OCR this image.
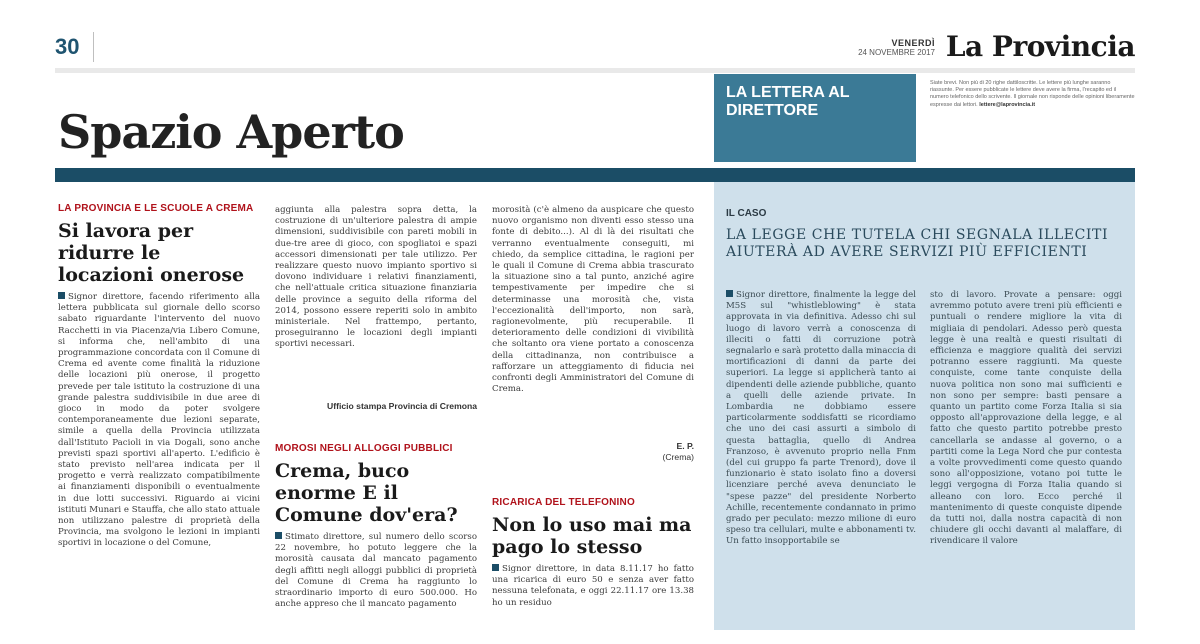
30	VENERDÌ
24 NOVEMBRE 2017 La Provincia
Spazio Aperto
LA LETTERA AL DIRETTORE
Siate brevi. Non più di 20 righe dattiloscritte. Le lettere più lunghe saranno riassunte. Per essere pubblicate le lettere deve avere la firma, l'recapito ed il numero telefonico dello scrivente. Il giornale non risponde delle opinioni liberamente espresse dai lettori. lettere@laprovincia.it
LA PROVINCIA E LE SCUOLE A CREMA
Si lavora per ridurre le locazioni onerose
Signor direttore, facendo riferimento alla lettera pubblicata sul giornale dello scorso sabato riguardante l'intervento del nuovo Racchetti in via Piacenza/via Libero Comune, si informa che, nell'ambito di una programmazione concordata con il Comune di Crema ed avente come finalità la riduzione delle locazioni più onerose, il progetto prevede per tale istituto la costruzione di una grande palestra suddivisibile in due aree di gioco in modo da poter svolgere contemporaneamente due lezioni separate, simile a quella della Provincia utilizzata dall'Istituto Pacioli in via Dogali, sono anche previsti spazi sportivi all'aperto. L'edificio è stato previsto nell'area indicata per il progetto e verrà realizzato compatibilmente ai finanziamenti disponibili o eventualmente in due lotti successivi. Riguardo ai vicini istituti Munari e Stauffa, che allo stato attuale non utilizzano palestre di proprietà della Provincia, ma svolgono le lezioni in impianti sportivi in locazione o del Comune,
aggiunta alla palestra sopra detta, la costruzione di un'ulteriore palestra di ampie dimensioni, suddivisibile con pareti mobili in due-tre aree di gioco, con spogliatoi e spazi accessori dimensionati per tale utilizzo. Per realizzare questo nuovo impianto sportivo si dovono individuare i relativi finanziamenti, che nell'attuale critica situazione finanziaria delle province a seguito della riforma del 2014, possono essere reperiti solo in ambito ministeriale. Nel frattempo, pertanto, proseguiranno le locazioni degli impianti sportivi necessari.
Ufficio stampa Provincia di Cremona
MOROSI NEGLI ALLOGGI PUBBLICI
Crema, buco enorme E il Comune dov'era?
Stimato direttore, sul numero dello scorso 22 novembre, ho potuto leggere che la morosità causata dal mancato pagamento degli affitti negli alloggi pubblici di proprietà del Comune di Crema ha raggiunto lo straordinario importo di euro 500.000. Ho anche appreso che il mancato pagamento
morosità (c'è almeno da auspicare che questo nuovo organismo non diventi esso stesso una fonte di debito...). Al di là dei risultati che verranno eventualmente conseguiti, mi chiedo, da semplice cittadina, le ragioni per le quali il Comune di Crema abbia trascurato la situazione sino a tal punto, anziché agire tempestivamente per impedire che si determinasse una morosità che, vista l'eccezionalità dell'importo, non sarà, ragionevolmente, più recuperabile. Il deterioramento delle condizioni di vivibilità che soltanto ora viene portato a conoscenza della cittadinanza, non contribuisce a rafforzare un atteggiamento di fiducia nei confronti degli Amministratori del Comune di Crema.
E. P.
(Crema)
RICARICA DEL TELEFONINO
Non lo uso mai ma pago lo stesso
Signor direttore, in data 8.11.17 ho fatto una ricarica di euro 50 e senza aver fatto nessuna telefonata, e oggi 22.11.17 ore 13.38 ho un residuo
IL CASO
LA LEGGE CHE TUTELA CHI SEGNALA ILLECITI AIUTERÀ AD AVERE SERVIZI PIÙ EFFICIENTI
Signor direttore, finalmente la legge del M5S sul "whistleblowing" è stata approvata in via definitiva. Adesso chi sul luogo di lavoro verrà a conoscenza di illeciti o fatti di corruzione potrà segnalarlo e sarà protetto dalla minaccia di mortificazioni di danni da parte dei superiori. La legge si applicherà tanto ai dipendenti delle aziende pubbliche, quanto a quelli delle aziende private. In Lombardia ne dobbiamo essere particolarmente soddisfatti se ricordiamo che uno dei casi assurti a simbolo di questa battaglia, quello di Andrea Franzoso, è avvenuto proprio nella Fnm (del cui gruppo fa parte Trenord), dove il funzionario è stato isolato fino a doversi licenziare perché aveva denunciato le "spese pazze" del presidente Norberto Achille, recentemente condannato in primo grado per peculato: mezzo milione di euro speso tra cellulari, multe e abbonamenti tv. Un fatto insopportabile se
sto di lavoro. Provate a pensare: oggi avremmo potuto avere treni più efficienti e puntuali o rendere migliore la vita di migliaia di pendolari. Adesso però questa legge è una realtà e questi risultati di efficienza e maggiore qualità dei servizi potranno essere raggiunti. Ma queste conquiste, come tante conquiste della nuova politica non sono mai sufficienti e non sono per sempre: basti pensare a quanto un partito come Forza Italia si sia opposto all'approvazione della legge, e al fatto che questo partito potrebbe presto cancellarla se andasse al governo, o a partiti come la Lega Nord che pur contesta a volte provvedimenti come questo quando sono all'opposizione, votano poi tutte le leggi vergogna di Forza Italia quando si alleano con loro. Ecco perché il mantenimento di queste conquiste dipende da tutti noi, dalla nostra capacità di non chiudere gli occhi davanti al malaffare, di rivendicare il valore
